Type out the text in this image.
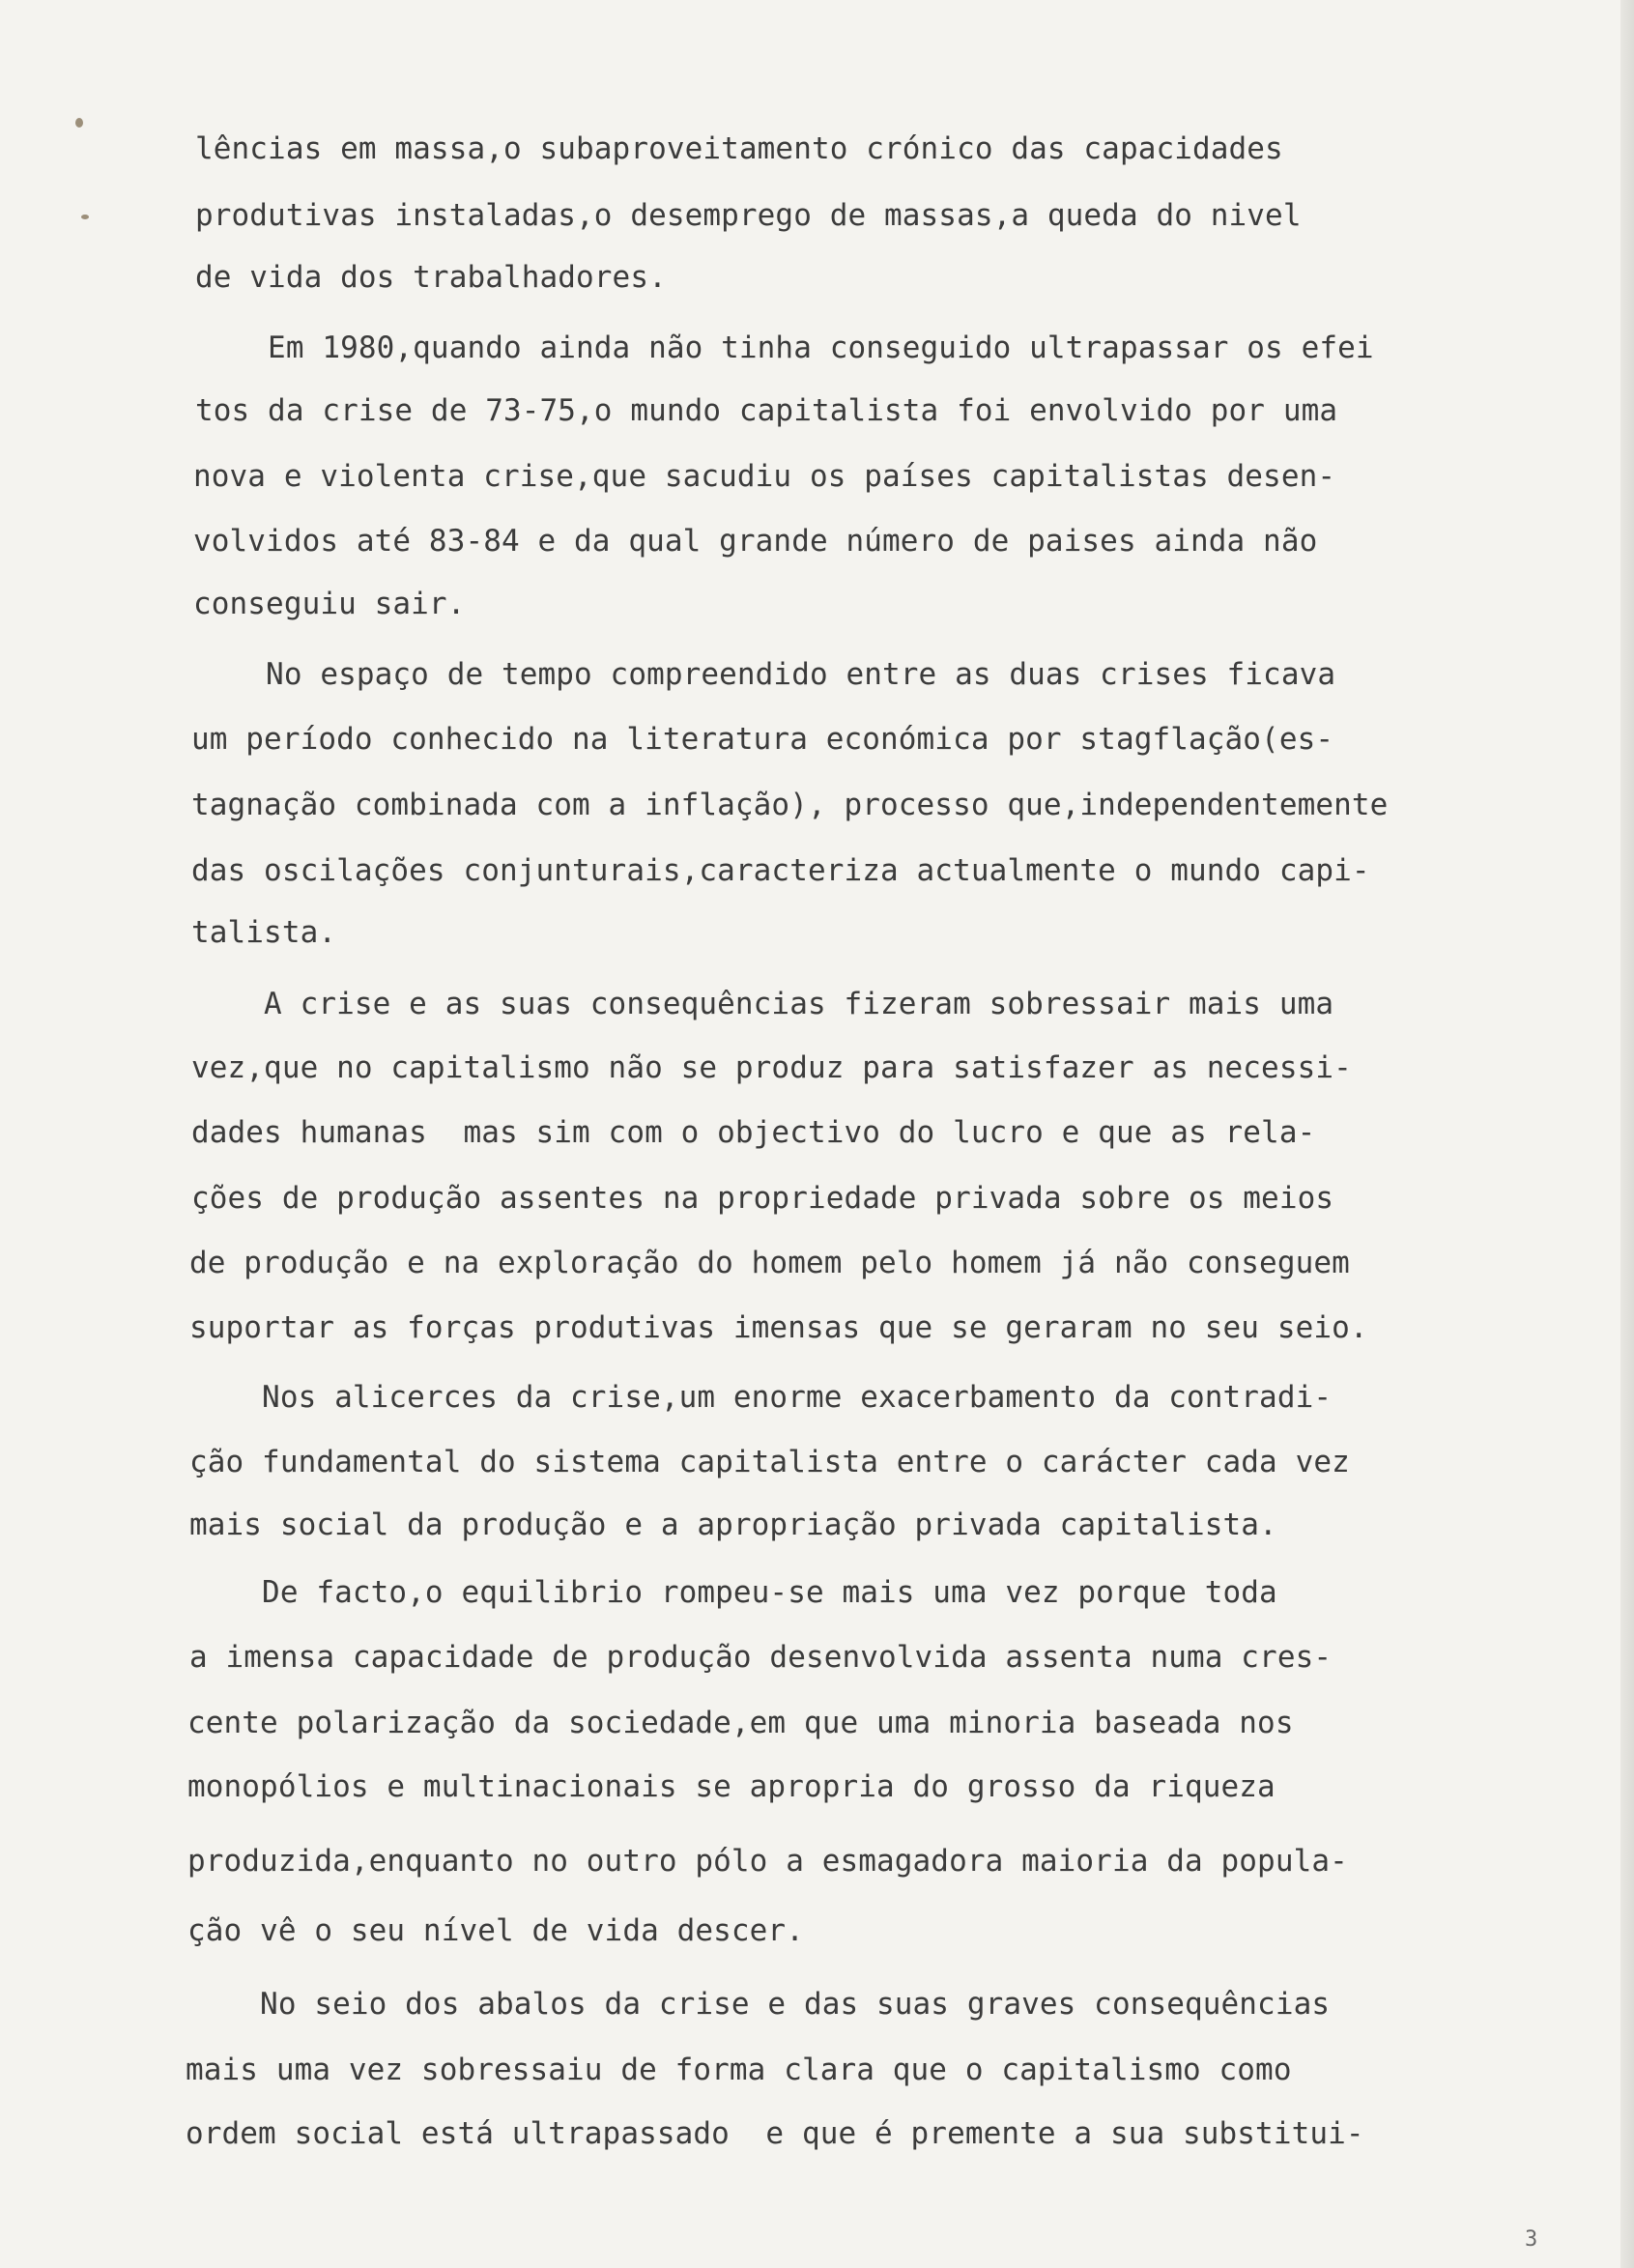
lências em massa,o subaproveitamento crónico das capacidades
produtivas instaladas,o desemprego de massas,a queda do nivel
de vida dos trabalhadores.
Em 1980,quando ainda não tinha conseguido ultrapassar os efei
tos da crise de 73-75,o mundo capitalista foi envolvido por uma
nova e violenta crise,que sacudiu os países capitalistas desen-
volvidos até 83-84 e da qual grande número de paises ainda não
conseguiu sair.
No espaço de tempo compreendido entre as duas crises ficava
um período conhecido na literatura económica por stagflação(es-
tagnação combinada com a inflação), processo que,independentemente
das oscilações conjunturais,caracteriza actualmente o mundo capi-
talista.
A crise e as suas consequências fizeram sobressair mais uma
vez,que no capitalismo não se produz para satisfazer as necessi-
dades humanas  mas sim com o objectivo do lucro e que as rela-
ções de produção assentes na propriedade privada sobre os meios
de produção e na exploração do homem pelo homem já não conseguem
suportar as forças produtivas imensas que se geraram no seu seio.
Nos alicerces da crise,um enorme exacerbamento da contradi-
ção fundamental do sistema capitalista entre o carácter cada vez
mais social da produção e a apropriação privada capitalista.
De facto,o equilibrio rompeu-se mais uma vez porque toda
a imensa capacidade de produção desenvolvida assenta numa cres-
cente polarização da sociedade,em que uma minoria baseada nos
monopólios e multinacionais se apropria do grosso da riqueza
produzida,enquanto no outro pólo a esmagadora maioria da popula-
ção vê o seu nível de vida descer.
No seio dos abalos da crise e das suas graves consequências
mais uma vez sobressaiu de forma clara que o capitalismo como
ordem social está ultrapassado  e que é premente a sua substitui-
3
